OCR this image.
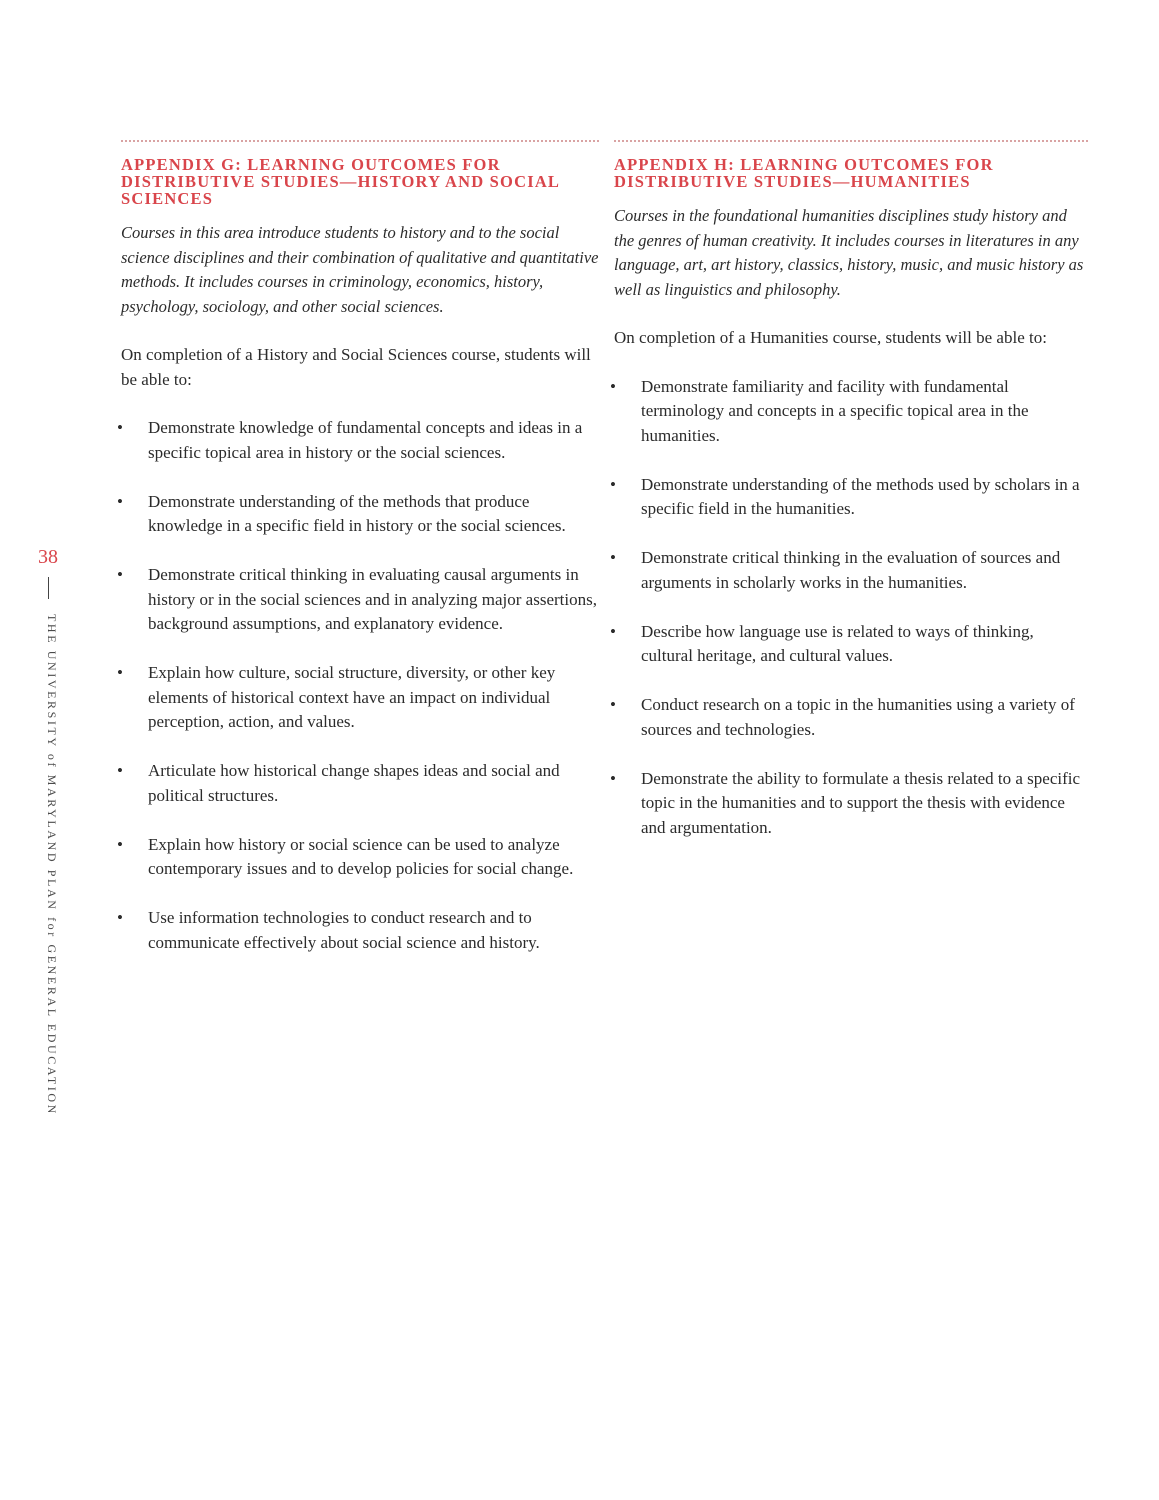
38
THE UNIVERSITY of MARYLAND PLAN for GENERAL EDUCATION
APPENDIX G: LEARNING OUTCOMES FOR DISTRIBUTIVE STUDIES—HISTORY AND SOCIAL SCIENCES

Courses in this area introduce students to history and to the social science disciplines and their combination of qualitative and quantitative methods. It includes courses in criminology, economics, history, psychology, sociology, and other social sciences.

On completion of a History and Social Sciences course, students will be able to:

• Demonstrate knowledge of fundamental concepts and ideas in a specific topical area in history or the social sciences.
• Demonstrate understanding of the methods that produce knowledge in a specific field in history or the social sciences.
• Demonstrate critical thinking in evaluating causal arguments in history or in the social sciences and in analyzing major assertions, background assumptions, and explanatory evidence.
• Explain how culture, social structure, diversity, or other key elements of historical context have an impact on individual perception, action, and values.
• Articulate how historical change shapes ideas and social and political structures.
• Explain how history or social science can be used to analyze contemporary issues and to develop policies for social change.
• Use information technologies to conduct research and to communicate effectively about social science and history.
APPENDIX H: LEARNING OUTCOMES FOR DISTRIBUTIVE STUDIES—HUMANITIES

Courses in the foundational humanities disciplines study history and the genres of human creativity. It includes courses in literatures in any language, art, art history, classics, history, music, and music history as well as linguistics and philosophy.

On completion of a Humanities course, students will be able to:

• Demonstrate familiarity and facility with fundamental terminology and concepts in a specific topical area in the humanities.
• Demonstrate understanding of the methods used by scholars in a specific field in the humanities.
• Demonstrate critical thinking in the evaluation of sources and arguments in scholarly works in the humanities.
• Describe how language use is related to ways of thinking, cultural heritage, and cultural values.
• Conduct research on a topic in the humanities using a variety of sources and technologies.
• Demonstrate the ability to formulate a thesis related to a specific topic in the humanities and to support the thesis with evidence and argumentation.
